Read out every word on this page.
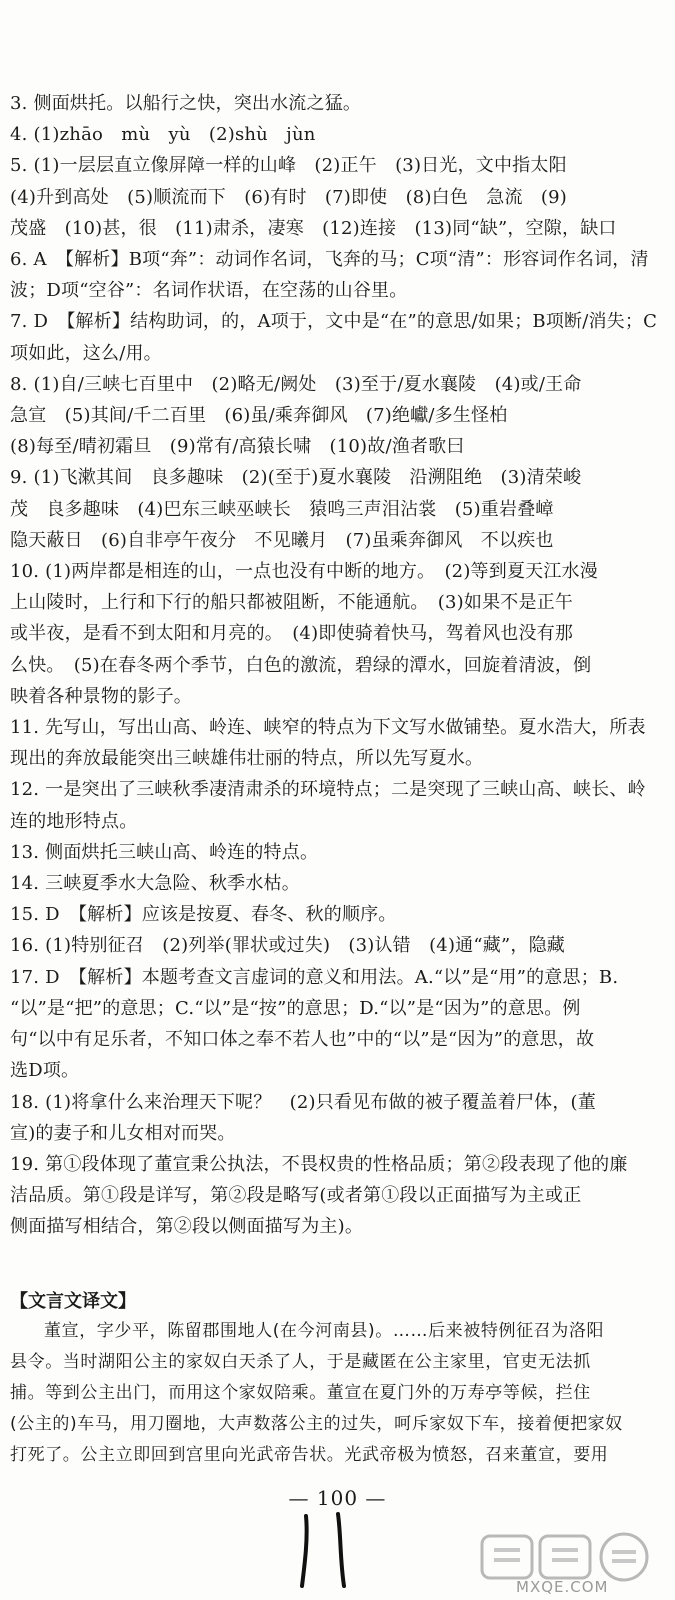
3. 侧面烘托。以船行之快，突出水流之猛。
4. (1)zhāo　mù　yù　(2)shù　jùn
5. (1)一层层直立像屏障一样的山峰　(2)正午　(3)日光，文中指太阳
(4)升到高处　(5)顺流而下　(6)有时　(7)即使　(8)白色　急流　(9)
茂盛　(10)甚，很　(11)肃杀，凄寒　(12)连接　(13)同“缺”，空隙，缺口
6. A　【解析】B项“奔”：动词作名词，飞奔的马；C项“清”：形容词作名词，清
波；D项“空谷”：名词作状语，在空荡的山谷里。
7. D　【解析】结构助词，的，A项于，文中是“在”的意思/如果；B项断/消失；C
项如此，这么/用。
8. (1)自/三峡七百里中　(2)略无/阙处　(3)至于/夏水襄陵　(4)或/王命
急宣　(5)其间/千二百里　(6)虽/乘奔御风　(7)绝巘/多生怪柏
(8)每至/晴初霜旦　(9)常有/高猿长啸　(10)故/渔者歌曰
9. (1)飞漱其间　良多趣味　(2)(至于)夏水襄陵　沿溯阻绝　(3)清荣峻
茂　良多趣味　(4)巴东三峡巫峡长　猿鸣三声泪沾裳　(5)重岩叠嶂
隐天蔽日　(6)自非亭午夜分　不见曦月　(7)虽乘奔御风　不以疾也
10. (1)两岸都是相连的山，一点也没有中断的地方。　(2)等到夏天江水漫
上山陵时，上行和下行的船只都被阻断，不能通航。　(3)如果不是正午
或半夜，是看不到太阳和月亮的。　(4)即使骑着快马，驾着风也没有那
么快。　(5)在春冬两个季节，白色的激流，碧绿的潭水，回旋着清波，倒
映着各种景物的影子。
11. 先写山，写出山高、岭连、峡窄的特点为下文写水做铺垫。夏水浩大，所表
现出的奔放最能突出三峡雄伟壮丽的特点，所以先写夏水。
12. 一是突出了三峡秋季凄清肃杀的环境特点；二是突现了三峡山高、峡长、岭
连的地形特点。
13. 侧面烘托三峡山高、岭连的特点。
14. 三峡夏季水大急险、秋季水枯。
15. D　【解析】应该是按夏、春冬、秋的顺序。
16. (1)特别征召　(2)列举(罪状或过失)　(3)认错　(4)通“藏”，隐藏
17. D　【解析】本题考查文言虚词的意义和用法。A.“以”是“用”的意思；B.
“以”是“把”的意思；C.“以”是“按”的意思；D.“以”是“因为”的意思。例
句“以中有足乐者，不知口体之奉不若人也”中的“以”是“因为”的意思，故
选D项。
18. (1)将拿什么来治理天下呢？　(2)只看见布做的被子覆盖着尸体，(董
宣)的妻子和儿女相对而哭。
19. 第①段体现了董宣秉公执法，不畏权贵的性格品质；第②段表现了他的廉
洁品质。第①段是详写，第②段是略写(或者第①段以正面描写为主或正
侧面描写相结合，第②段以侧面描写为主)。
【文言文译文】
董宣，字少平，陈留郡围地人(在今河南县)。……后来被特例征召为洛阳
县令。当时湖阳公主的家奴白天杀了人，于是藏匿在公主家里，官吏无法抓
捕。等到公主出门，而用这个家奴陪乘。董宣在夏门外的万寿亭等候，拦住
(公主的)车马，用刀圈地，大声数落公主的过失，呵斥家奴下车，接着便把家奴
打死了。公主立即回到宫里向光武帝告状。光武帝极为愤怒，召来董宣，要用
— 100 —
MXQE.COM
